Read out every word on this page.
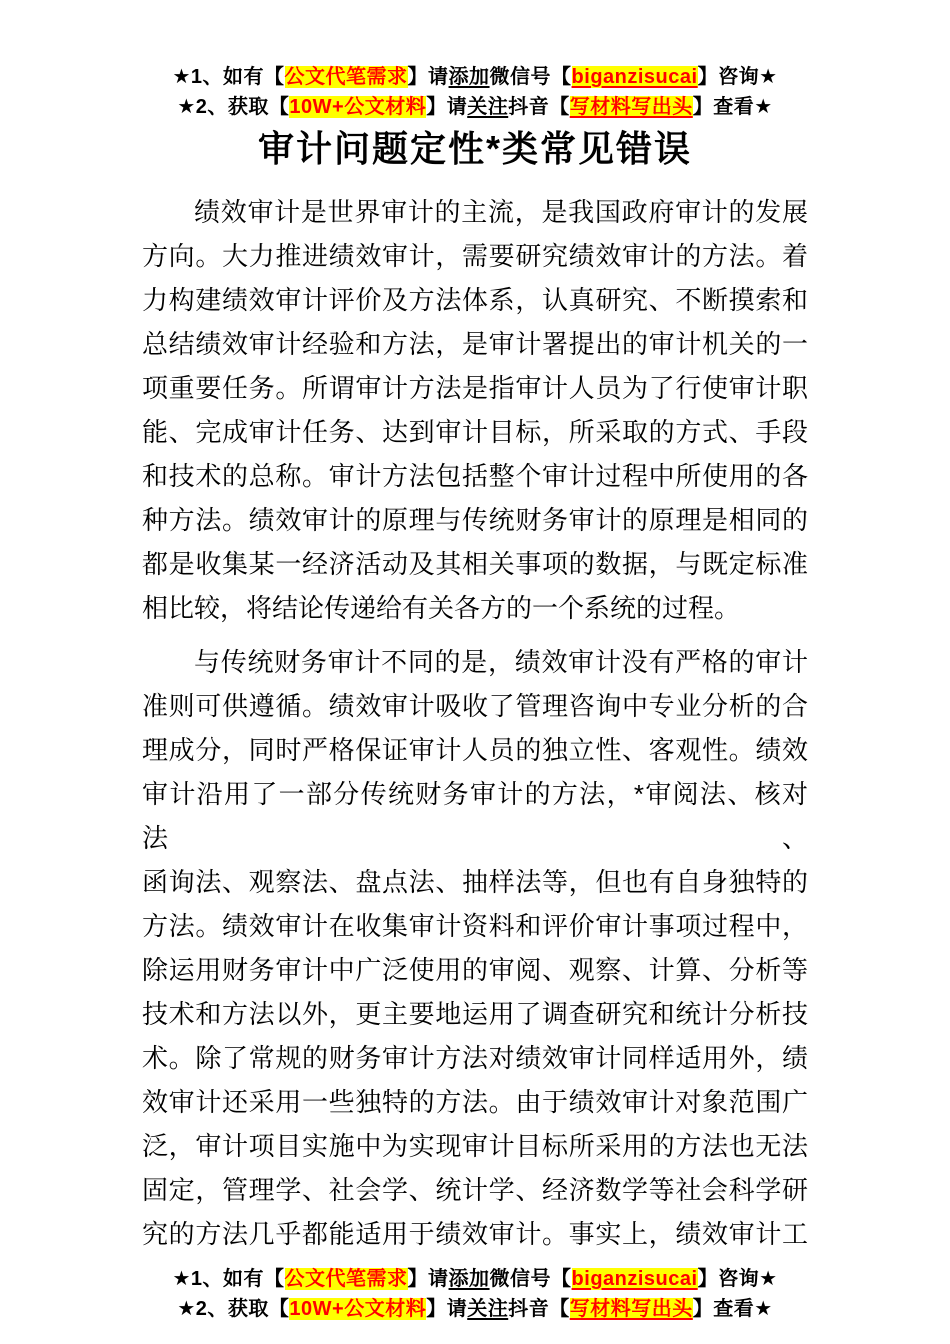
★1、如有【公文代笔需求】请添加微信号【biganzisucai】咨询★
★2、获取【10W+公文材料】请关注抖音【写材料写出头】查看★
审计问题定性*类常见错误

绩效审计是世界审计的主流，是我国政府审计的发展
方向。大力推进绩效审计，需要研究绩效审计的方法。着
力构建绩效审计评价及方法体系，认真研究、不断摸索和
总结绩效审计经验和方法，是审计署提出的审计机关的一
项重要任务。所谓审计方法是指审计人员为了行使审计职
能、完成审计任务、达到审计目标，所采取的方式、手段
和技术的总称。审计方法包括整个审计过程中所使用的各
种方法。绩效审计的原理与传统财务审计的原理是相同的
都是收集某一经济活动及其相关事项的数据，与既定标准
相比较，将结论传递给有关各方的一个系统的过程。

与传统财务审计不同的是，绩效审计没有严格的审计
准则可供遵循。绩效审计吸收了管理咨询中专业分析的合
理成分，同时严格保证审计人员的独立性、客观性。绩效
审计沿用了一部分传统财务审计的方法，*审阅法、核对法、
函询法、观察法、盘点法、抽样法等，但也有自身独特的
方法。绩效审计在收集审计资料和评价审计事项过程中，
除运用财务审计中广泛使用的审阅、观察、计算、分析等
技术和方法以外，更主要地运用了调查研究和统计分析技
术。除了常规的财务审计方法对绩效审计同样适用外，绩
效审计还采用一些独特的方法。由于绩效审计对象范围广
泛，审计项目实施中为实现审计目标所采用的方法也无法
固定，管理学、社会学、统计学、经济数学等社会科学研
究的方法几乎都能适用于绩效审计。事实上，绩效审计工

★1、如有【公文代笔需求】请添加微信号【biganzisucai】咨询★
★2、获取【10W+公文材料】请关注抖音【写材料写出头】查看★
